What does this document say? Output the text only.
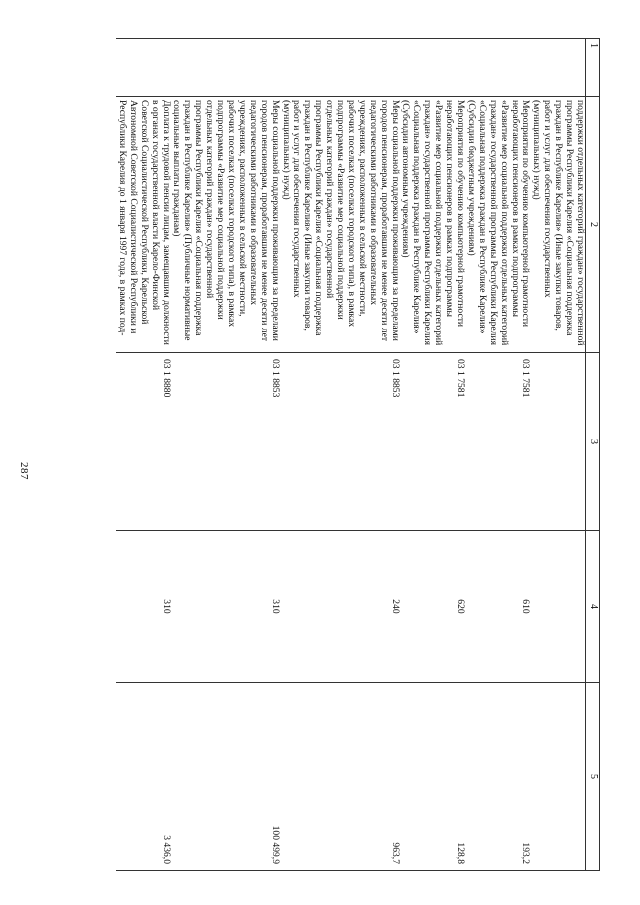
287
1	2	3	4	5
	поддержки отдельных категорий граждан» государственной программы Республики Карелия «Социальная поддержка граждан в Республике Карелия» (Иные закупки товаров, работ и услуг для обеспечения государственных (муниципальных) нужд)			
	Мероприятия по обучению компьютерной грамотности неработающих пенсионеров в рамках подпрограммы «Развитие мер социальной поддержки отдельных категорий граждан» государственной программы Республики Карелия «Социальная поддержка граждан в Республике Карелия» (Субсидии бюджетным учреждениям)	03 1 7581	610	193,2
	Мероприятия по обучению компьютерной грамотности неработающих пенсионеров в рамках подпрограммы «Развитие мер социальной поддержки отдельных категорий граждан» государственной программы Республики Карелия «Социальная поддержка граждан в Республике Карелия» (Субсидии автономным учреждениям)	03 1 7581	620	128,8
	Меры социальной поддержки проживающим за пределами городов пенсионерам, проработавшим не менее десяти лет педагогическими работниками в образовательных учреждениях, расположенных в сельской местности, рабочих поселках (поселках городского типа), в рамках подпрограммы «Развитие мер социальной поддержки отдельных категорий граждан» государственной программы Республики Карелия «Социальная поддержка граждан в Республике Карелия» (Иные закупки товаров, работ и услуг для обеспечения государственных (муниципальных) нужд)	03 1 8853	240	963,7
	Меры социальной поддержки проживающим за пределами городов пенсионерам, проработавшим не менее десяти лет педагогическими работниками в образовательных учреждениях, расположенных в сельской местности, рабочих поселках (поселках городского типа), в рамках подпрограммы «Развитие мер социальной поддержки отдельных категорий граждан» государственной программы Республики Карелия «Социальная поддержка граждан в Республике Карелия» (Публичные нормативные социальные выплаты гражданам)	03 1 8853	310	100 499,9
	Доплата к трудовой пенсии лицам, замещавшим должности в органах государственной власти Карело-Финской Советской Социалистической Республики, Карельской Автономной Советской Социалистической Республики и Республики Карелия до 1 января 1997 года, в рамках под-	03 1 8880	310	3 436,0
